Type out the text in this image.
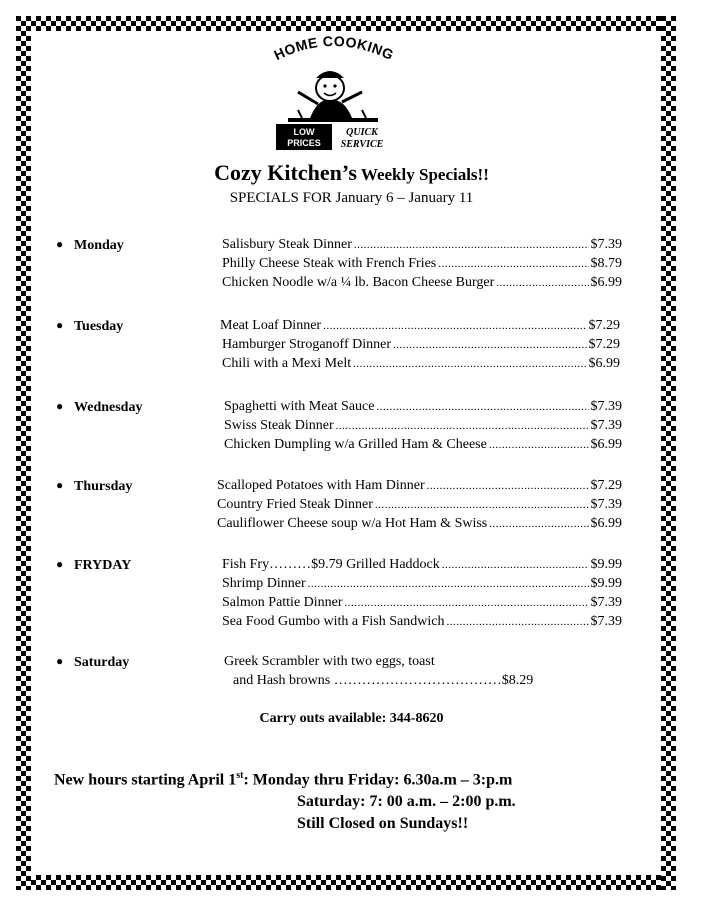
HOME COOKING
LOW
PRICES
QUICK
SERVICE
Cozy Kitchen’s Weekly Specials!!
SPECIALS FOR January 6 – January 11
● Monday	Salisbury Steak Dinner .....	$7.39
Philly Cheese Steak with French Fries .....	$8.79
Chicken Noodle w/a ¼ lb. Bacon Cheese Burger .....	$6.99
● Tuesday	Meat Loaf Dinner .....	$7.29
Hamburger Stroganoff Dinner .....	$7.29
Chili with a Mexi Melt .....	$6.99
● Wednesday	Spaghetti with Meat Sauce .....	$7.39
Swiss Steak Dinner .....	$7.39
Chicken Dumpling w/a Grilled Ham & Cheese .....	$6.99
● Thursday	Scalloped Potatoes with Ham Dinner .....	$7.29
Country Fried Steak Dinner .....	$7.39
Cauliflower Cheese soup w/a Hot Ham & Swiss .....	$6.99
● FRYDAY	Fish Fry………$9.79 Grilled Haddock .....	$9.99
Shrimp Dinner .....	$9.99
Salmon Pattie Dinner .....	$7.39
Sea Food Gumbo with a Fish Sandwich .....	$7.39
● Saturday	Greek Scrambler with two eggs, toast
and Hash browns ………………………………$8.29
Carry outs available: 344-8620
New hours starting April 1st: Monday thru Friday: 6.30a.m – 3:p.m
Saturday: 7: 00 a.m. – 2:00 p.m.
Still Closed on Sundays!!
